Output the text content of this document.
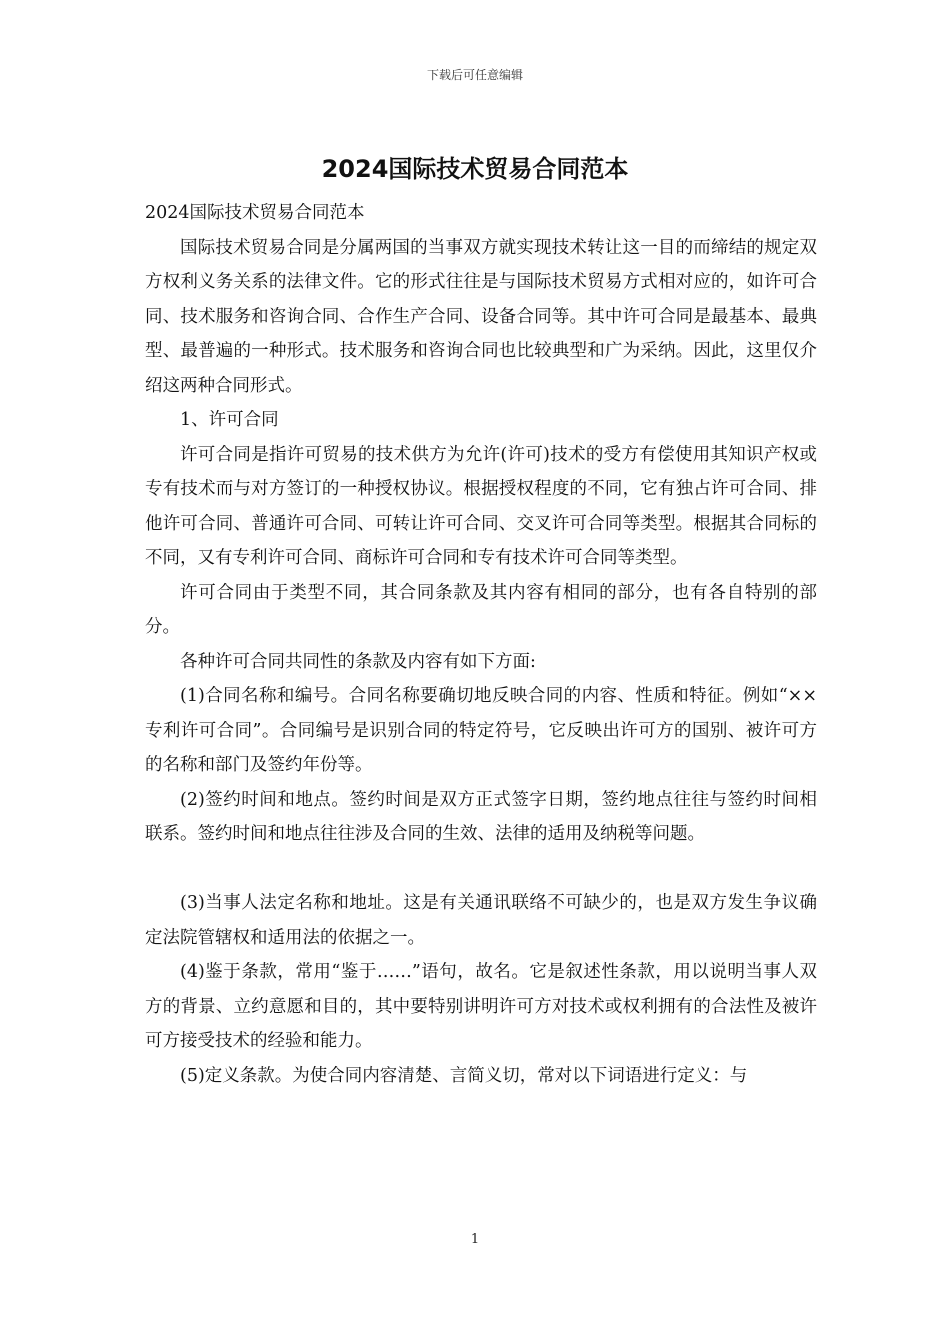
下载后可任意编辑
2024国际技术贸易合同范本

2024国际技术贸易合同范本

国际技术贸易合同是分属两国的当事双方就实现技术转让这一目的而缔结的规定双方权利义务关系的法律文件。它的形式往往是与国际技术贸易方式相对应的，如许可合同、技术服务和咨询合同、合作生产合同、设备合同等。其中许可合同是最基本、最典型、最普遍的一种形式。技术服务和咨询合同也比较典型和广为采纳。因此，这里仅介绍这两种合同形式。

1、许可合同

许可合同是指许可贸易的技术供方为允许(许可)技术的受方有偿使用其知识产权或专有技术而与对方签订的一种授权协议。根据授权程度的不同，它有独占许可合同、排他许可合同、普通许可合同、可转让许可合同、交叉许可合同等类型。根据其合同标的不同，又有专利许可合同、商标许可合同和专有技术许可合同等类型。

许可合同由于类型不同，其合同条款及其内容有相同的部分，也有各自特别的部分。

各种许可合同共同性的条款及内容有如下方面:

(1)合同名称和编号。合同名称要确切地反映合同的内容、性质和特征。例如“××专利许可合同”。合同编号是识别合同的特定符号，它反映出许可方的国别、被许可方的名称和部门及签约年份等。

(2)签约时间和地点。签约时间是双方正式签字日期，签约地点往往与签约时间相联系。签约时间和地点往往涉及合同的生效、法律的适用及纳税等问题。

(3)当事人法定名称和地址。这是有关通讯联络不可缺少的，也是双方发生争议确定法院管辖权和适用法的依据之一。

(4)鉴于条款，常用“鉴于……”语句，故名。它是叙述性条款，用以说明当事人双方的背景、立约意愿和目的，其中要特别讲明许可方对技术或权利拥有的合法性及被许可方接受技术的经验和能力。

(5)定义条款。为使合同内容清楚、言简义切，常对以下词语进行定义：与

1
